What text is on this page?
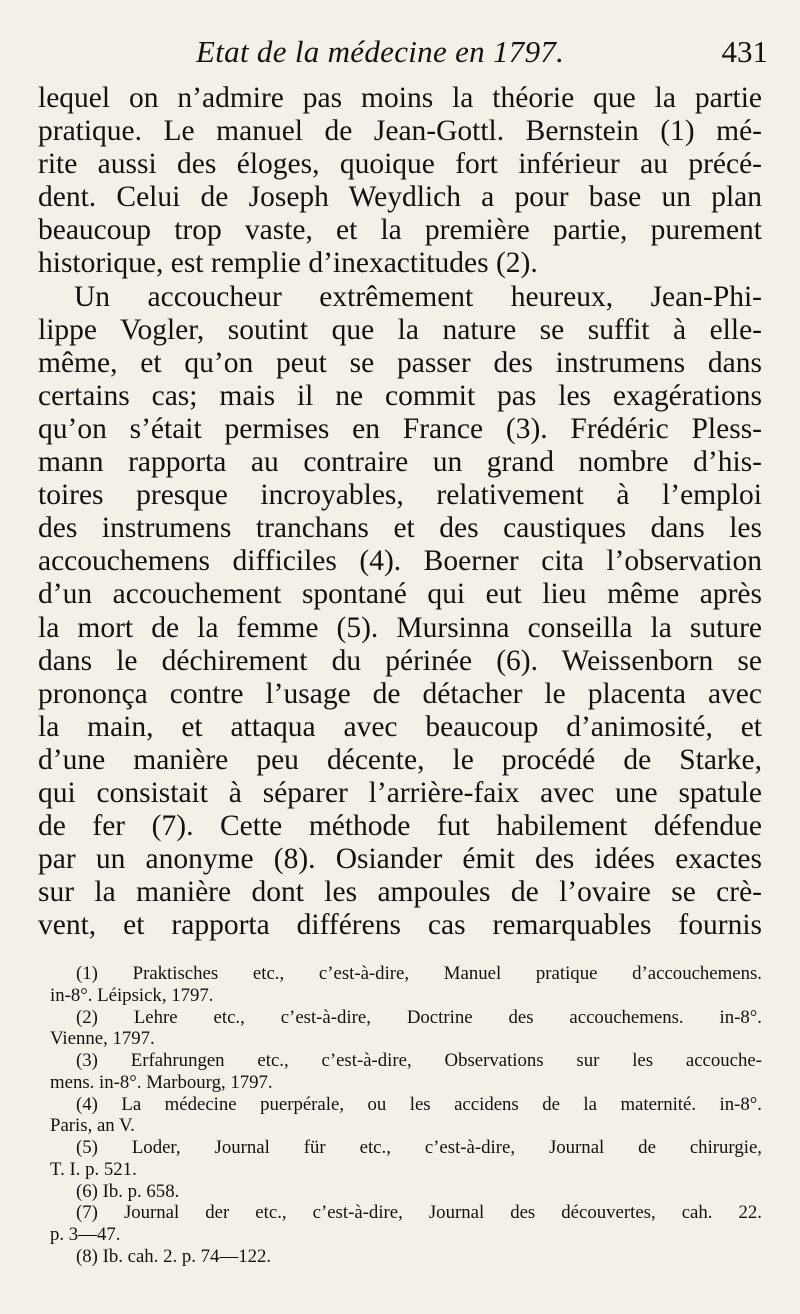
Etat de la médecine en 1797.	431
lequel on n’admire pas moins la théorie que la partie
pratique. Le manuel de Jean-Gottl. Bernstein (1) mé-
rite aussi des éloges, quoique fort inférieur au précé-
dent. Celui de Joseph Weydlich a pour base un plan
beaucoup trop vaste, et la première partie, purement
historique, est remplie d’inexactitudes (2).
Un accoucheur extrêmement heureux, Jean-Phi-
lippe Vogler, soutint que la nature se suffit à elle-
même, et qu’on peut se passer des instrumens dans
certains cas; mais il ne commit pas les exagérations
qu’on s’était permises en France (3). Frédéric Pless-
mann rapporta au contraire un grand nombre d’his-
toires presque incroyables, relativement à l’emploi
des instrumens tranchans et des caustiques dans les
accouchemens difficiles (4). Boerner cita l’observation
d’un accouchement spontané qui eut lieu même après
la mort de la femme (5). Mursinna conseilla la suture
dans le déchirement du périnée (6). Weissenborn se
prononça contre l’usage de détacher le placenta avec
la main, et attaqua avec beaucoup d’animosité, et
d’une manière peu décente, le procédé de Starke,
qui consistait à séparer l’arrière-faix avec une spatule
de fer (7). Cette méthode fut habilement défendue
par un anonyme (8). Osiander émit des idées exactes
sur la manière dont les ampoules de l’ovaire se crè-
vent, et rapporta différens cas remarquables fournis
(1) Praktisches etc., c’est-à-dire, Manuel pratique d’accouchemens.
in-8°. Léipsick, 1797.
(2) Lehre etc., c’est-à-dire, Doctrine des accouchemens. in-8°.
Vienne, 1797.
(3) Erfahrungen etc., c’est-à-dire, Observations sur les accouche-
mens. in-8°. Marbourg, 1797.
(4) La médecine puerpérale, ou les accidens de la maternité. in-8°.
Paris, an V.
(5) Loder, Journal für etc., c’est-à-dire, Journal de chirurgie,
T. I. p. 521.
(6) Ib. p. 658.
(7) Journal der etc., c’est-à-dire, Journal des découvertes, cah. 22.
p. 3—47.
(8) Ib. cah. 2. p. 74—122.
